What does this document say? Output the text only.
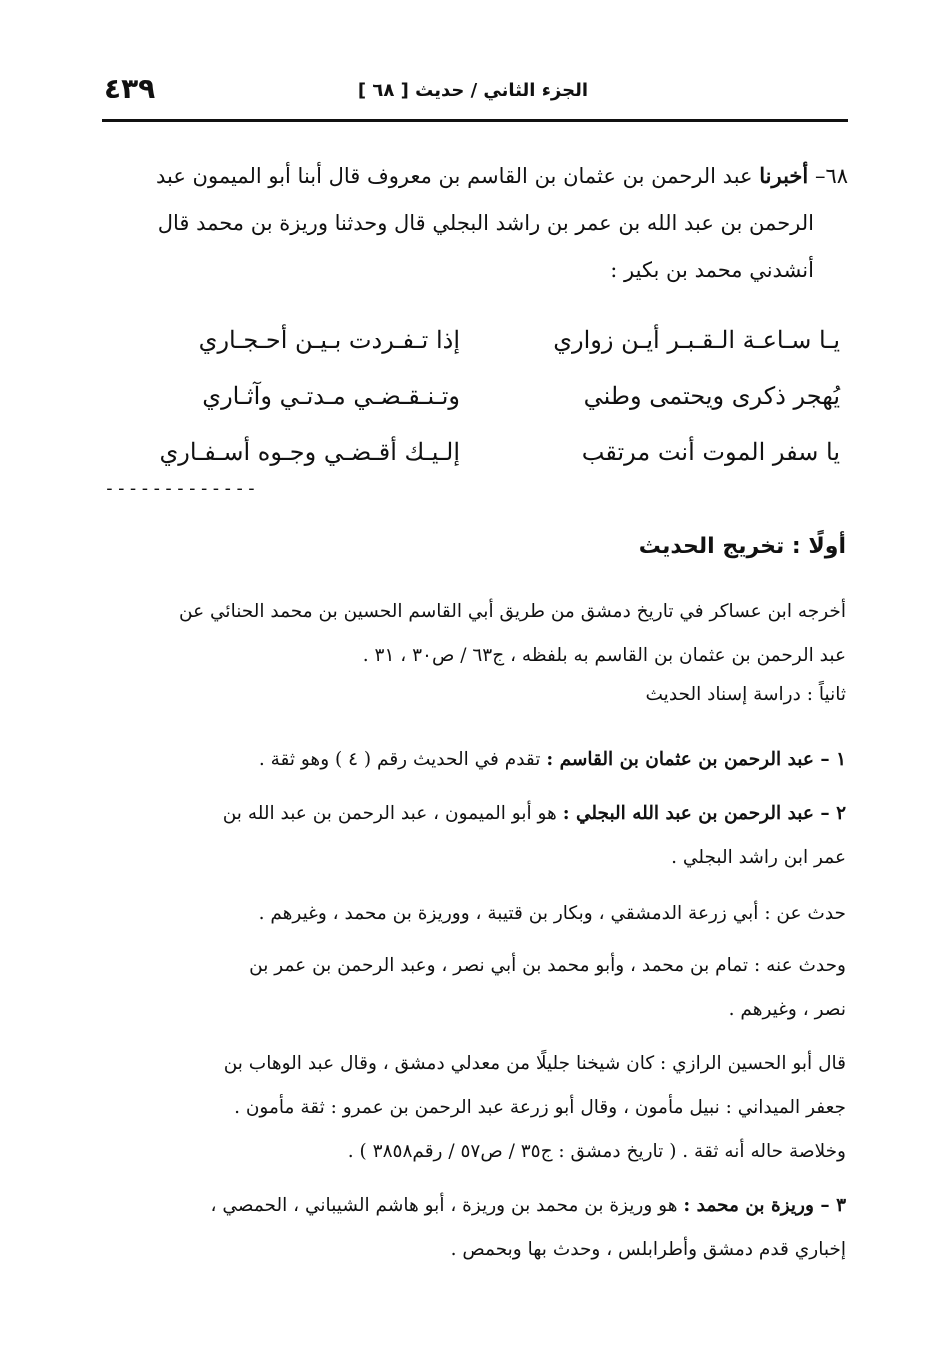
الجزء الثاني / حديث [ ٦٨ ]
٤٣٩
٦٨– أخبرنا عبد الرحمن بن عثمان بن القاسم بن معروف قال أبنا أبو الميمون عبد
الرحمن بن عبد الله بن عمر بن راشد البجلي قال وحدثنا وريزة بن محمد قال
أنشدني محمد بن بكير :
يـا سـاعـة الـقـبـر أيـن زواري
إذا تـفـردت بـيـن أحـجـاري
يُهجر ذكرى ويحتمى وطني
وتـنـقـضـي مـدتـي وآثـاري
يا سفر الموت أنت مرتقب
إلـيـك أقـضـي وجـوه أسـفـاري
-------------
أولًا : تخريج الحديث
أخرجه ابن عساكر في تاريخ دمشق من طريق أبي القاسم الحسين بن محمد الحنائي عن
عبد الرحمن بن عثمان بن القاسم به بلفظه ، ج٦٣ / ص٣٠ ، ٣١ .
ثانياً : دراسة إسناد الحديث
١ – عبد الرحمن بن عثمان بن القاسم : تقدم في الحديث رقم ( ٤ ) وهو ثقة .
٢ – عبد الرحمن بن عبد الله البجلي : هو أبو الميمون ، عبد الرحمن بن عبد الله بن
عمر ابن راشد البجلي .
حدث عن : أبي زرعة الدمشقي ، وبكار بن قتيبة ، ووريزة بن محمد ، وغيرهم .
وحدث عنه : تمام بن محمد ، وأبو محمد بن أبي نصر ، وعبد الرحمن بن عمر بن
نصر ، وغيرهم .
قال أبو الحسين الرازي : كان شيخنا جليلًا من معدلي دمشق ، وقال عبد الوهاب بن
جعفر الميداني : نبيل مأمون ، وقال أبو زرعة عبد الرحمن بن عمرو : ثقة مأمون .
وخلاصة حاله أنه ثقة . ( تاريخ دمشق : ج٣٥ / ص٥٧ / رقم٣٨٥٨ ) .
٣ – وريزة بن محمد : هو وريزة بن محمد بن وريزة ، أبو هاشم الشيباني ، الحمصي ،
إخباري قدم دمشق وأطرابلس ، وحدث بها وبحمص .
